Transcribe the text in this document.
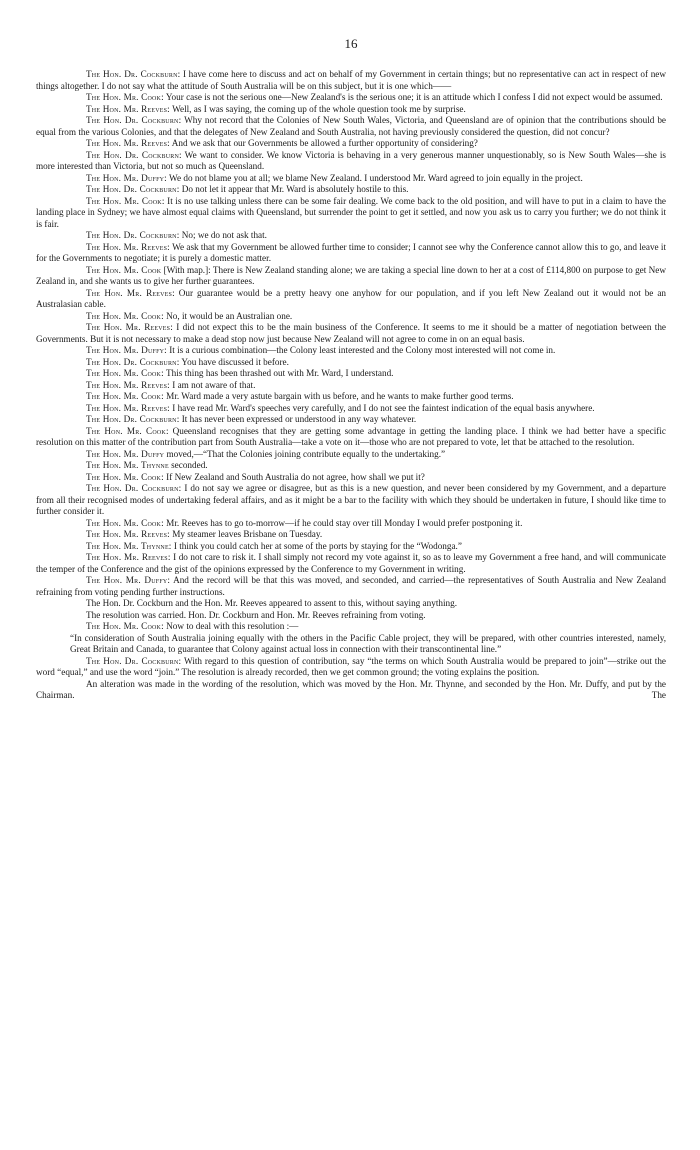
16

The Hon. Dr. Cockburn: I have come here to discuss and act on behalf of my Government in certain things; but no representative can act in respect of new things altogether. I do not say what the attitude of South Australia will be on this subject, but it is one which——

The Hon. Mr. Cook: Your case is not the serious one—New Zealand's is the serious one; it is an attitude which I confess I did not expect would be assumed.

The Hon. Mr. Reeves: Well, as I was saying, the coming up of the whole question took me by surprise.

The Hon. Dr. Cockburn: Why not record that the Colonies of New South Wales, Victoria, and Queensland are of opinion that the contributions should be equal from the various Colonies, and that the delegates of New Zealand and South Australia, not having previously considered the question, did not concur?

The Hon. Mr. Reeves: And we ask that our Governments be allowed a further opportunity of considering?

The Hon. Dr. Cockburn: We want to consider. We know Victoria is behaving in a very generous manner unquestionably, so is New South Wales—she is more interested than Victoria, but not so much as Queensland.

The Hon. Mr. Duffy: We do not blame you at all; we blame New Zealand. I understood Mr. Ward agreed to join equally in the project.

The Hon. Dr. Cockburn: Do not let it appear that Mr. Ward is absolutely hostile to this.

The Hon. Mr. Cook: It is no use talking unless there can be some fair dealing. We come back to the old position, and will have to put in a claim to have the landing place in Sydney; we have almost equal claims with Queensland, but surrender the point to get it settled, and now you ask us to carry you further; we do not think it is fair.

The Hon. Dr. Cockburn: No; we do not ask that.

The Hon. Mr. Reeves: We ask that my Government be allowed further time to consider; I cannot see why the Conference cannot allow this to go, and leave it for the Governments to negotiate; it is purely a domestic matter.

The Hon. Mr. Cook [With map.]: There is New Zealand standing alone; we are taking a special line down to her at a cost of £114,800 on purpose to get New Zealand in, and she wants us to give her further guarantees.

The Hon. Mr. Reeves: Our guarantee would be a pretty heavy one anyhow for our population, and if you left New Zealand out it would not be an Australasian cable.

The Hon. Mr. Cook: No, it would be an Australian one.

The Hon. Mr. Reeves: I did not expect this to be the main business of the Conference. It seems to me it should be a matter of negotiation between the Governments. But it is not necessary to make a dead stop now just because New Zealand will not agree to come in on an equal basis.

The Hon. Mr. Duffy: It is a curious combination—the Colony least interested and the Colony most interested will not come in.

The Hon. Dr. Cockburn: You have discussed it before.

The Hon. Mr. Cook: This thing has been thrashed out with Mr. Ward, I understand.

The Hon. Mr. Reeves: I am not aware of that.

The Hon. Mr. Cook: Mr. Ward made a very astute bargain with us before, and he wants to make further good terms.

The Hon. Mr. Reeves: I have read Mr. Ward's speeches very carefully, and I do not see the faintest indication of the equal basis anywhere.

The Hon. Dr. Cockburn: It has never been expressed or understood in any way whatever.

The Hon. Mr. Cook: Queensland recognises that they are getting some advantage in getting the landing place. I think we had better have a specific resolution on this matter of the contribution part from South Australia—take a vote on it—those who are not prepared to vote, let that be attached to the resolution.

The Hon. Mr. Duffy moved,—“That the Colonies joining contribute equally to the undertaking.”

The Hon. Mr. Thynne seconded.

The Hon. Mr. Cook: If New Zealand and South Australia do not agree, how shall we put it?

The Hon. Dr. Cockburn: I do not say we agree or disagree, but as this is a new question, and never been considered by my Government, and a departure from all their recognised modes of undertaking federal affairs, and as it might be a bar to the facility with which they should be undertaken in future, I should like time to further consider it.

The Hon. Mr. Cook: Mr. Reeves has to go to-morrow—if he could stay over till Monday I would prefer postponing it.

The Hon. Mr. Reeves: My steamer leaves Brisbane on Tuesday.

The Hon. Mr. Thynne: I think you could catch her at some of the ports by staying for the “Wodonga.”

The Hon. Mr. Reeves: I do not care to risk it. I shall simply not record my vote against it, so as to leave my Government a free hand, and will communicate the temper of the Conference and the gist of the opinions expressed by the Conference to my Government in writing.

The Hon. Mr. Duffy: And the record will be that this was moved, and seconded, and carried—the representatives of South Australia and New Zealand refraining from voting pending further instructions.

The Hon. Dr. Cockburn and the Hon. Mr. Reeves appeared to assent to this, without saying anything.

The resolution was carried. Hon. Dr. Cockburn and Hon. Mr. Reeves refraining from voting.

The Hon. Mr. Cook: Now to deal with this resolution :—

“In consideration of South Australia joining equally with the others in the Pacific Cable project, they will be prepared, with other countries interested, namely, Great Britain and Canada, to guarantee that Colony against actual loss in connection with their transcontinental line.”

The Hon. Dr. Cockburn: With regard to this question of contribution, say “the terms on which South Australia would be prepared to join”—strike out the word “equal,” and use the word “join.” The resolution is already recorded, then we get common ground; the voting explains the position.

An alteration was made in the wording of the resolution, which was moved by the Hon. Mr. Thynne, and seconded by the Hon. Mr. Duffy, and put by the Chairman.	The
